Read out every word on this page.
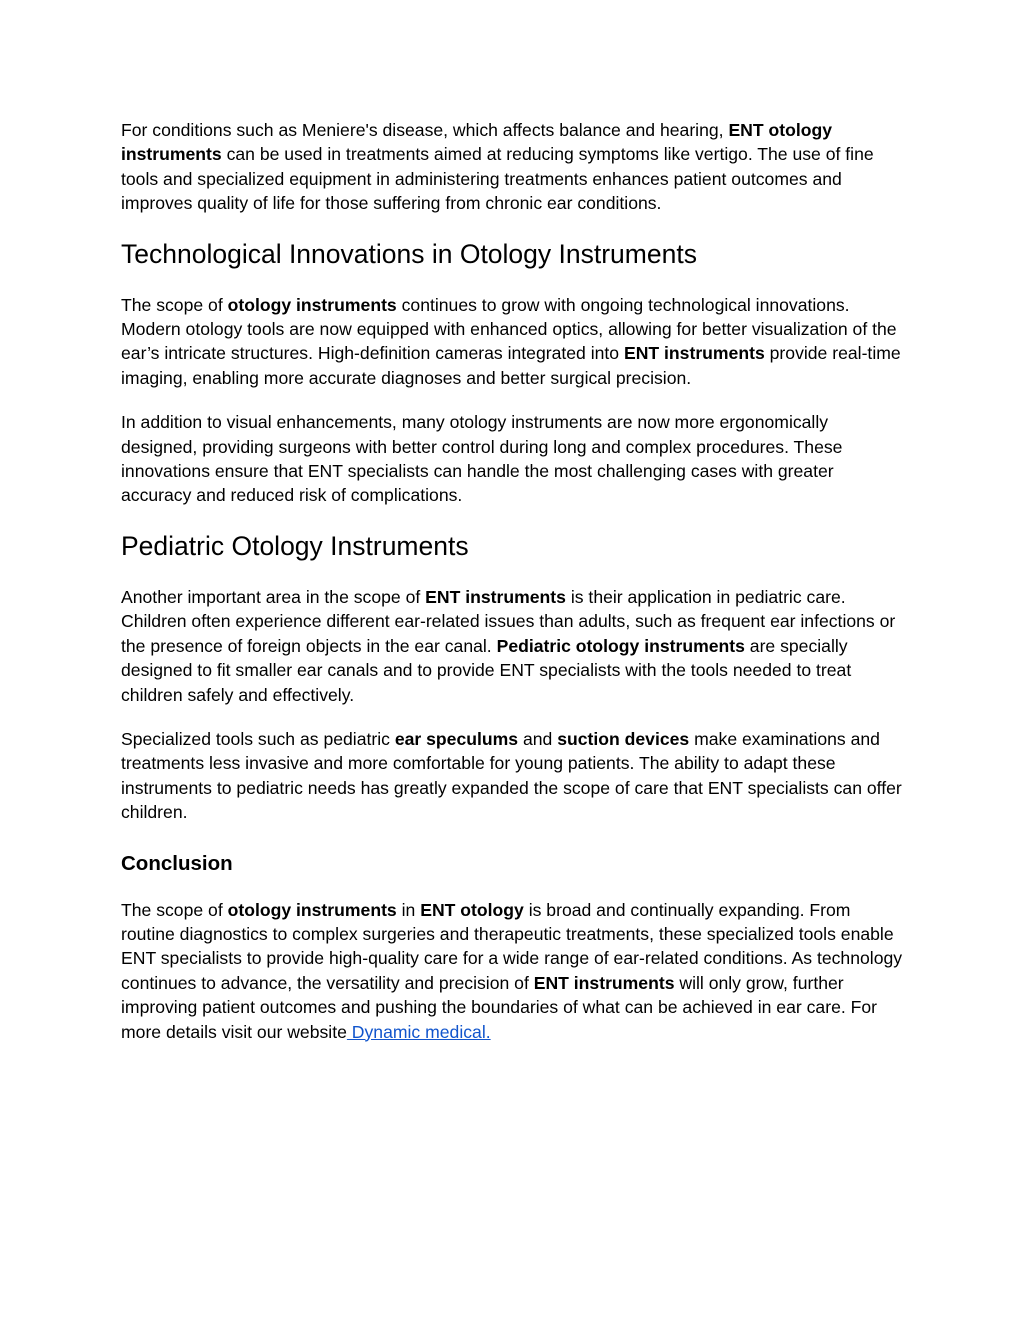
For conditions such as Meniere's disease, which affects balance and hearing, ENT otology instruments can be used in treatments aimed at reducing symptoms like vertigo. The use of fine tools and specialized equipment in administering treatments enhances patient outcomes and improves quality of life for those suffering from chronic ear conditions.

Technological Innovations in Otology Instruments

The scope of otology instruments continues to grow with ongoing technological innovations. Modern otology tools are now equipped with enhanced optics, allowing for better visualization of the ear’s intricate structures. High-definition cameras integrated into ENT instruments provide real-time imaging, enabling more accurate diagnoses and better surgical precision.

In addition to visual enhancements, many otology instruments are now more ergonomically designed, providing surgeons with better control during long and complex procedures. These innovations ensure that ENT specialists can handle the most challenging cases with greater accuracy and reduced risk of complications.

Pediatric Otology Instruments

Another important area in the scope of ENT instruments is their application in pediatric care. Children often experience different ear-related issues than adults, such as frequent ear infections or the presence of foreign objects in the ear canal. Pediatric otology instruments are specially designed to fit smaller ear canals and to provide ENT specialists with the tools needed to treat children safely and effectively.

Specialized tools such as pediatric ear speculums and suction devices make examinations and treatments less invasive and more comfortable for young patients. The ability to adapt these instruments to pediatric needs has greatly expanded the scope of care that ENT specialists can offer children.

Conclusion

The scope of otology instruments in ENT otology is broad and continually expanding. From routine diagnostics to complex surgeries and therapeutic treatments, these specialized tools enable ENT specialists to provide high-quality care for a wide range of ear-related conditions. As technology continues to advance, the versatility and precision of ENT instruments will only grow, further improving patient outcomes and pushing the boundaries of what can be achieved in ear care. For more details visit our website Dynamic medical.
